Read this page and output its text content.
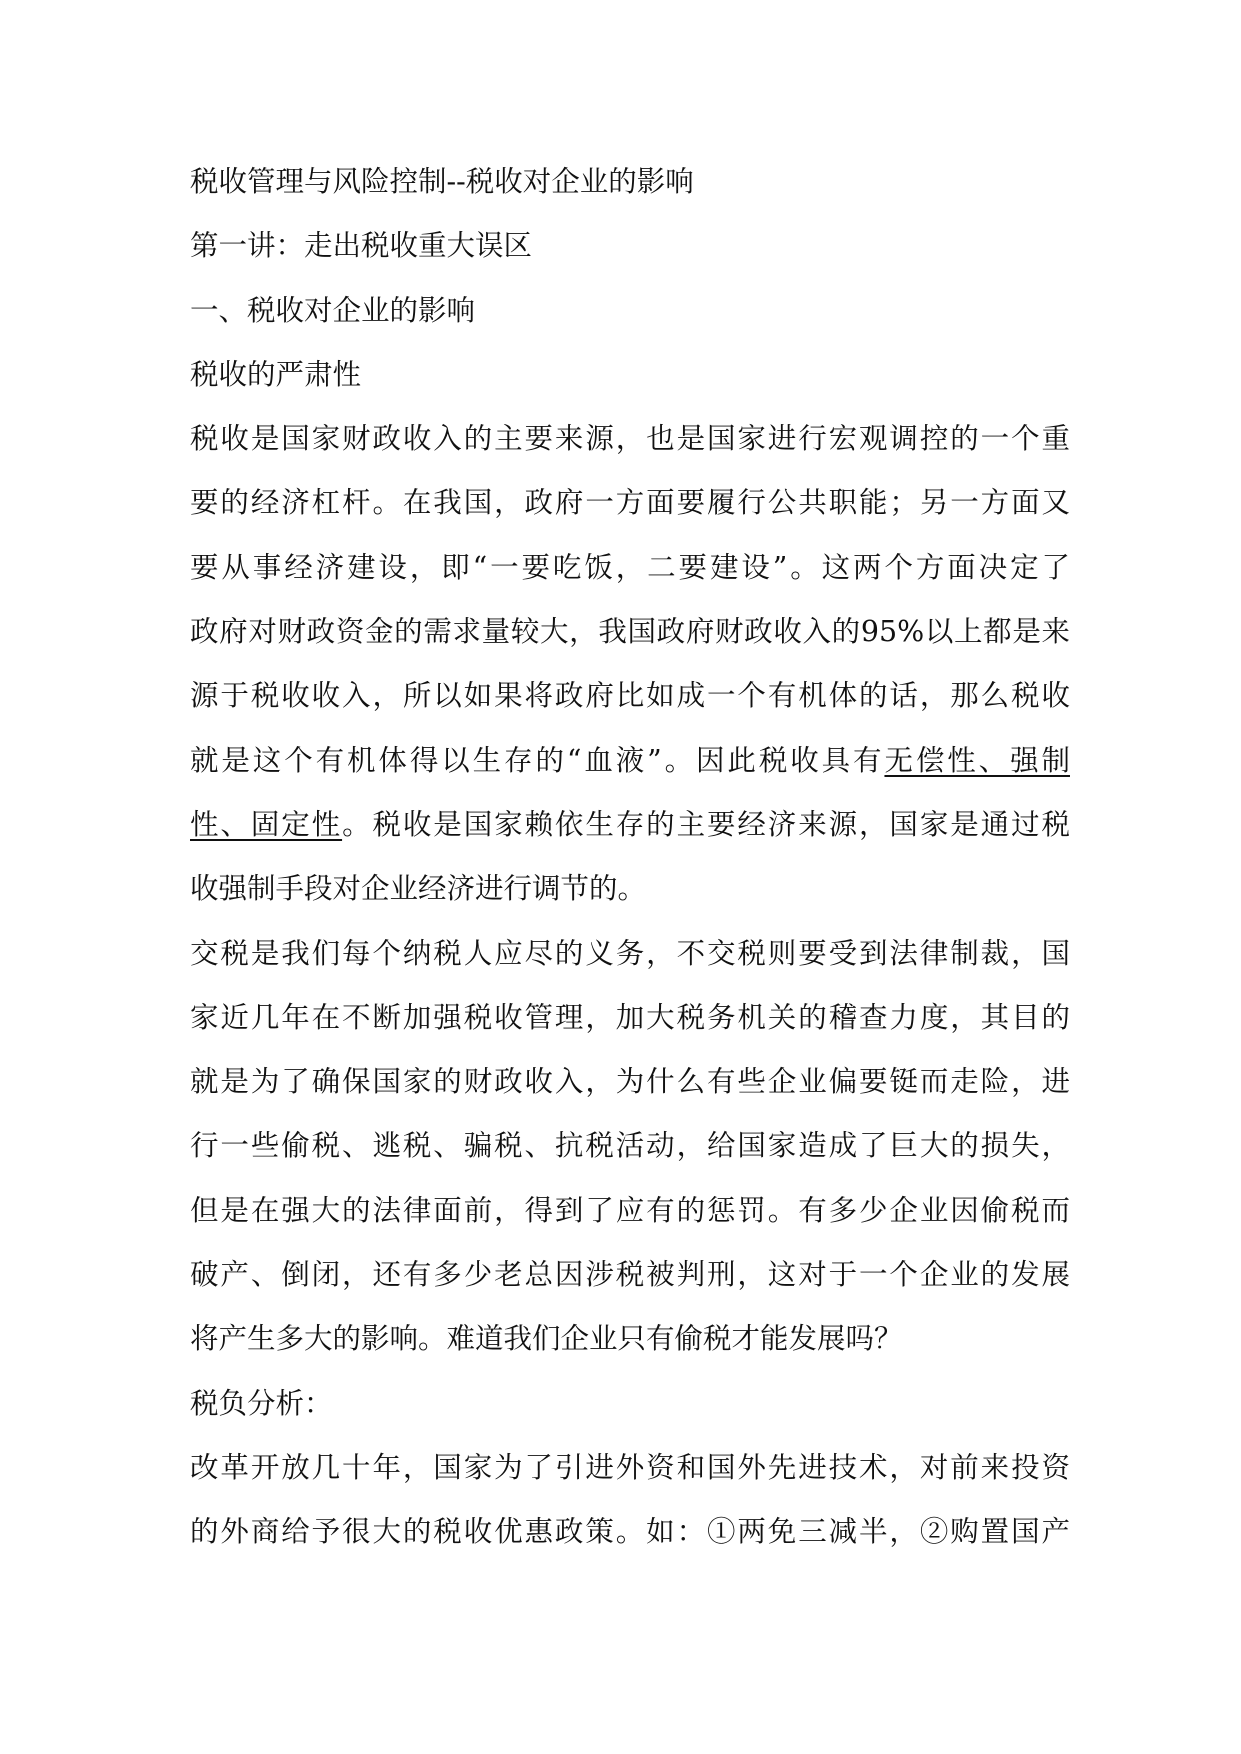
税收管理与风险控制--税收对企业的影响
第一讲：走出税收重大误区
一、税收对企业的影响
税收的严肃性
税收是国家财政收入的主要来源，也是国家进行宏观调控的一个重
要的经济杠杆。在我国，政府一方面要履行公共职能；另一方面又
要从事经济建设，即“一要吃饭，二要建设”。这两个方面决定了
政府对财政资金的需求量较大，我国政府财政收入的95%以上都是来
源于税收收入，所以如果将政府比如成一个有机体的话，那么税收
就是这个有机体得以生存的“血液”。因此税收具有无偿性、强制
性、固定性。税收是国家赖依生存的主要经济来源，国家是通过税
收强制手段对企业经济进行调节的。
交税是我们每个纳税人应尽的义务，不交税则要受到法律制裁，国
家近几年在不断加强税收管理，加大税务机关的稽查力度，其目的
就是为了确保国家的财政收入，为什么有些企业偏要铤而走险，进
行一些偷税、逃税、骗税、抗税活动，给国家造成了巨大的损失，
但是在强大的法律面前，得到了应有的惩罚。有多少企业因偷税而
破产、倒闭，还有多少老总因涉税被判刑，这对于一个企业的发展
将产生多大的影响。难道我们企业只有偷税才能发展吗？
税负分析：
改革开放几十年，国家为了引进外资和国外先进技术，对前来投资
的外商给予很大的税收优惠政策。如：①两免三减半，②购置国产
